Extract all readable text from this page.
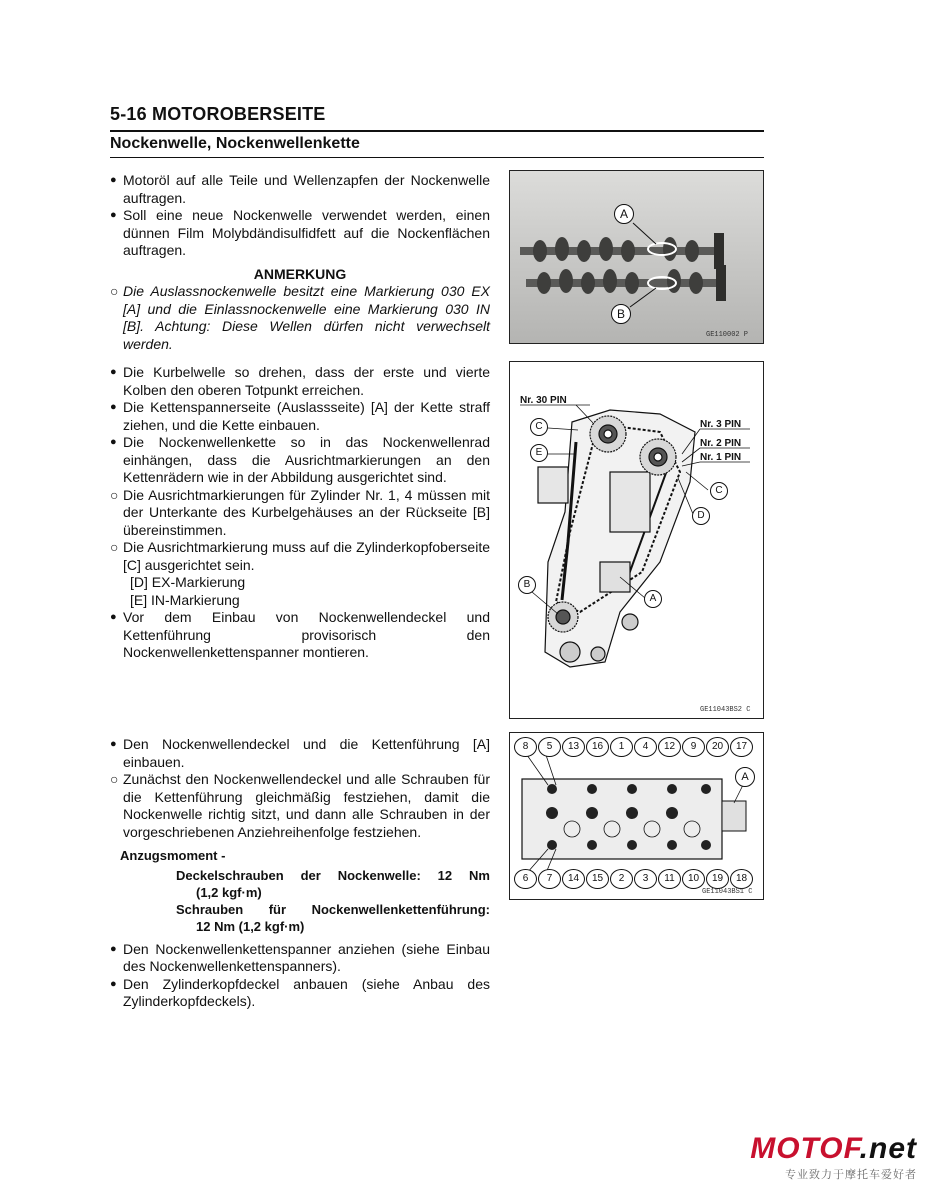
5-16 MOTOROBERSEITE
Nockenwelle, Nockenwellenkette
● Motoröl auf alle Teile und Wellenzapfen der Nockenwelle auftragen.
● Soll eine neue Nockenwelle verwendet werden, einen dünnen Film Molybdändisulfidfett auf die Nockenflächen auftragen.
ANMERKUNG
○ Die Auslassnockenwelle besitzt eine Markierung 030 EX [A] und die Einlassnockenwelle eine Markierung 030 IN [B]. Achtung: Diese Wellen dürfen nicht verwechselt werden.
A
B
GE110002 P
● Die Kurbelwelle so drehen, dass der erste und vierte Kolben den oberen Totpunkt erreichen.
● Die Kettenspannerseite (Auslassseite) [A] der Kette straff ziehen, und die Kette einbauen.
● Die Nockenwellenkette so in das Nockenwellenrad einhängen, dass die Ausrichtmarkierungen an den Kettenrädern wie in der Abbildung ausgerichtet sind.
○ Die Ausrichtmarkierungen für Zylinder Nr. 1, 4 müssen mit der Unterkante des Kurbelgehäuses an der Rückseite [B] übereinstimmen.
○ Die Ausrichtmarkierung muss auf die Zylinderkopfoberseite [C] ausgerichtet sein.
[D] EX-Markierung
[E] IN-Markierung
● Vor dem Einbau von Nockenwellendeckel und Kettenführung provisorisch den Nockenwellenkettenspanner montieren.
Nr. 30 PIN
Nr. 3 PIN
Nr. 2 PIN
Nr. 1 PIN
C
E
C
D
B
A
GE11043BS2 C
● Den Nockenwellendeckel und die Kettenführung [A] einbauen.
○ Zunächst den Nockenwellendeckel und alle Schrauben für die Kettenführung gleichmäßig festziehen, damit die Nockenwelle richtig sitzt, und dann alle Schrauben in der vorgeschriebenen Anziehreihenfolge festziehen.
Anzugsmoment -
Deckelschrauben der Nockenwelle: 12 Nm
(1,2 kgf·m)
Schrauben für Nockenwellenkettenführung:
12 Nm (1,2 kgf·m)
● Den Nockenwellenkettenspanner anziehen (siehe Einbau des Nockenwellenkettenspanners).
● Den Zylinderkopfdeckel anbauen (siehe Anbau des Zylinderkopfdeckels).
8	5	13	16	1	4	12	9	20	17
6	7	14	15	2	3	11	10	19	18
A
GE11043BS1 C
MOTOF.net
专业致力于摩托车爱好者
